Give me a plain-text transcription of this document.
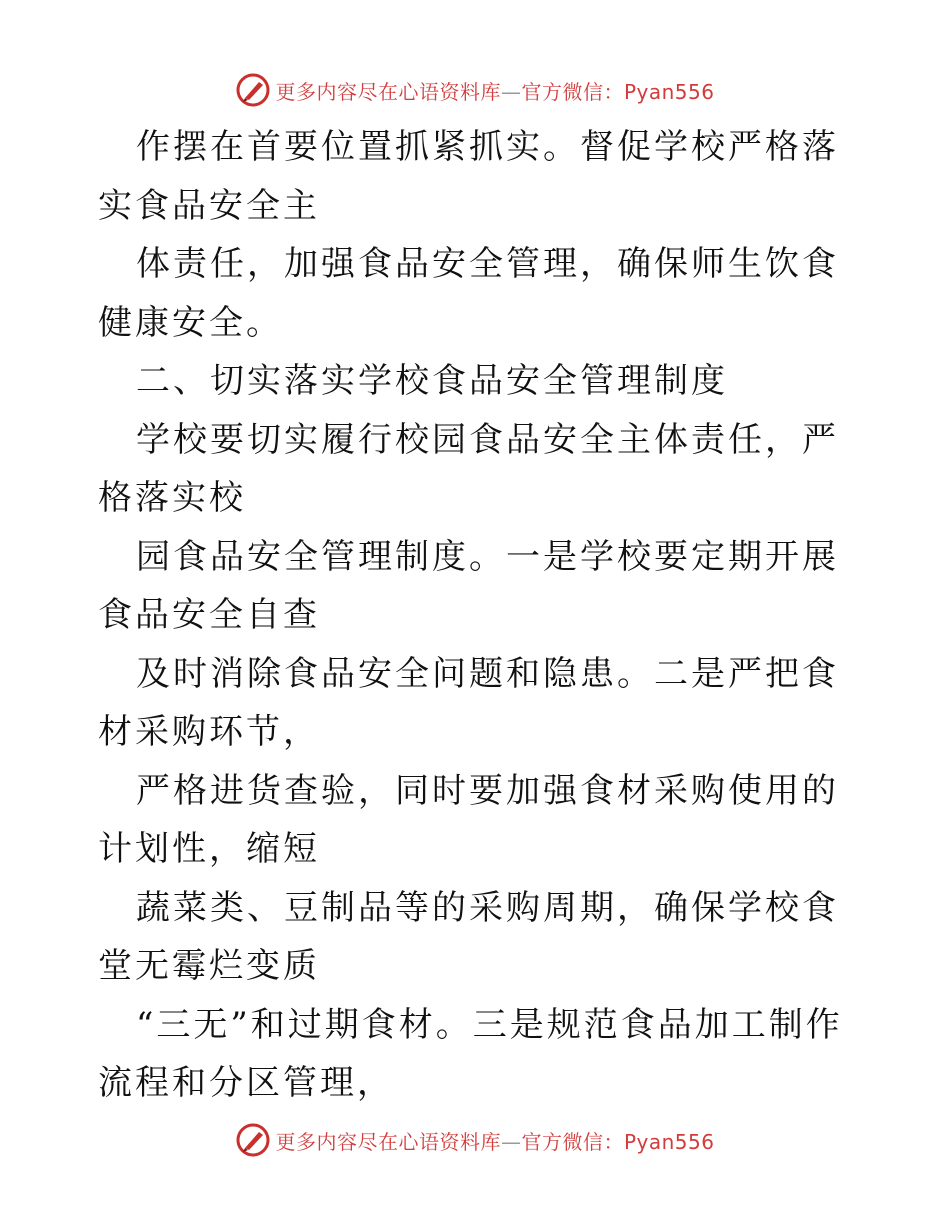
更多内容尽在心语资料库—官方微信：Pyan556

作摆在首要位置抓紧抓实。督促学校严格落实食品安全主

体责任，加强食品安全管理，确保师生饮食健康安全。

二、切实落实学校食品安全管理制度

学校要切实履行校园食品安全主体责任，严格落实校

园食品安全管理制度。一是学校要定期开展食品安全自查

及时消除食品安全问题和隐患。二是严把食材采购环节，

严格进货查验，同时要加强食材采购使用的计划性，缩短

蔬菜类、豆制品等的采购周期，确保学校食堂无霉烂变质

“三无”和过期食材。三是规范食品加工制作流程和分区管理，

更多内容尽在心语资料库—官方微信：Pyan556
